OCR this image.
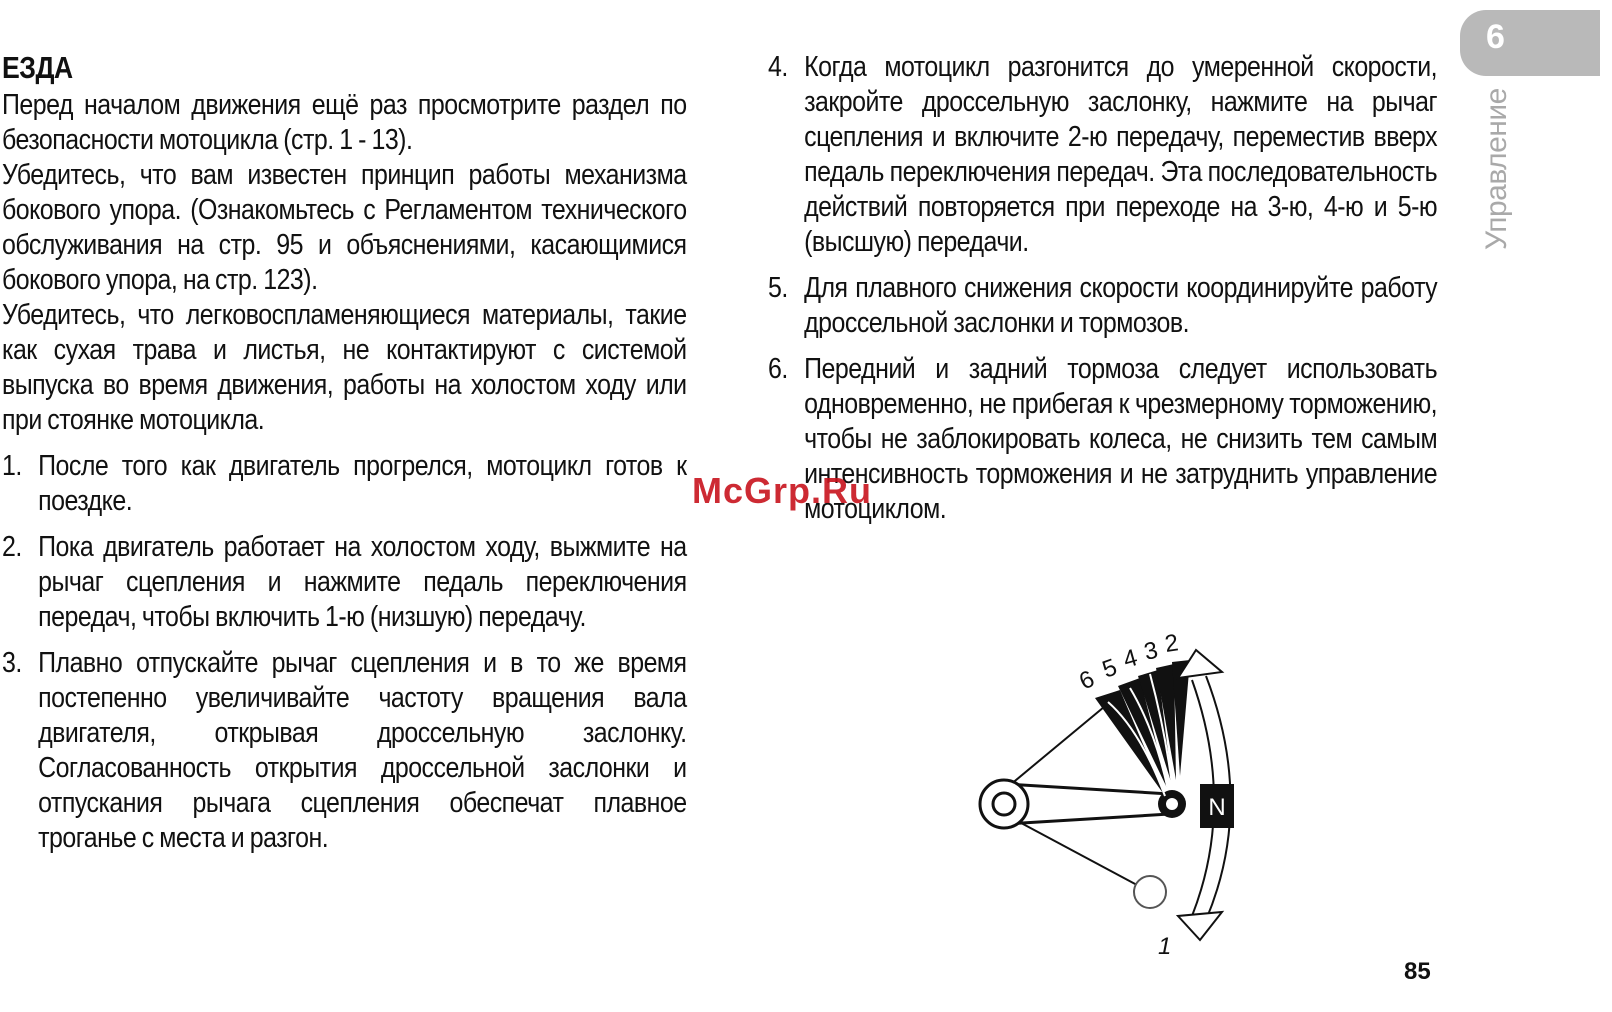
6
Управление
ЕЗДА

Перед началом движения ещё раз просмотрите раздел по безопасности мотоцикла (стр. 1 - 13).

Убедитесь, что вам известен принцип работы механизма бокового упора. (Ознакомьтесь с Регламентом технического обслуживания на стр. 95 и объяснениями, касающимися бокового упора, на стр. 123).

Убедитесь, что легковоспламеняющиеся материалы, такие как сухая трава и листья, не контактируют с системой выпуска во время движения, работы на холостом ходу или при стоянке мотоцикла.

1. После того как двигатель прогрелся, мотоцикл готов к поездке.
2. Пока двигатель работает на холостом ходу, выжмите на рычаг сцепления и нажмите педаль переключения передач, чтобы включить 1-ю (низшую) передачу.
3. Плавно отпускайте рычаг сцепления и в то же время постепенно увеличивайте частоту вращения вала двигателя, открывая дроссельную заслонку. Согласованность открытия дроссельной заслонки и отпускания рычага сцепления обеспечат плавное троганье с места и разгон.
4. Когда мотоцикл разгонится до умеренной скорости, закройте дроссельную заслонку, нажмите на рычаг сцепления и включите 2-ю передачу, переместив вверх педаль переключения передач. Эта последовательность действий повторяется при переходе на 3-ю, 4-ю и 5-ю (высшую) передачи.
5. Для плавного снижения скорости координируйте работу дроссельной заслонки и тормозов.
6. Передний и задний тормоза следует использовать одновременно, не прибегая к чрезмерному торможению, чтобы не заблокировать колеса, не снизить тем самым интенсивность торможения и не затруднить управление мотоциклом.
N
6 5 4 3 2
1
McGrp.Ru
85
